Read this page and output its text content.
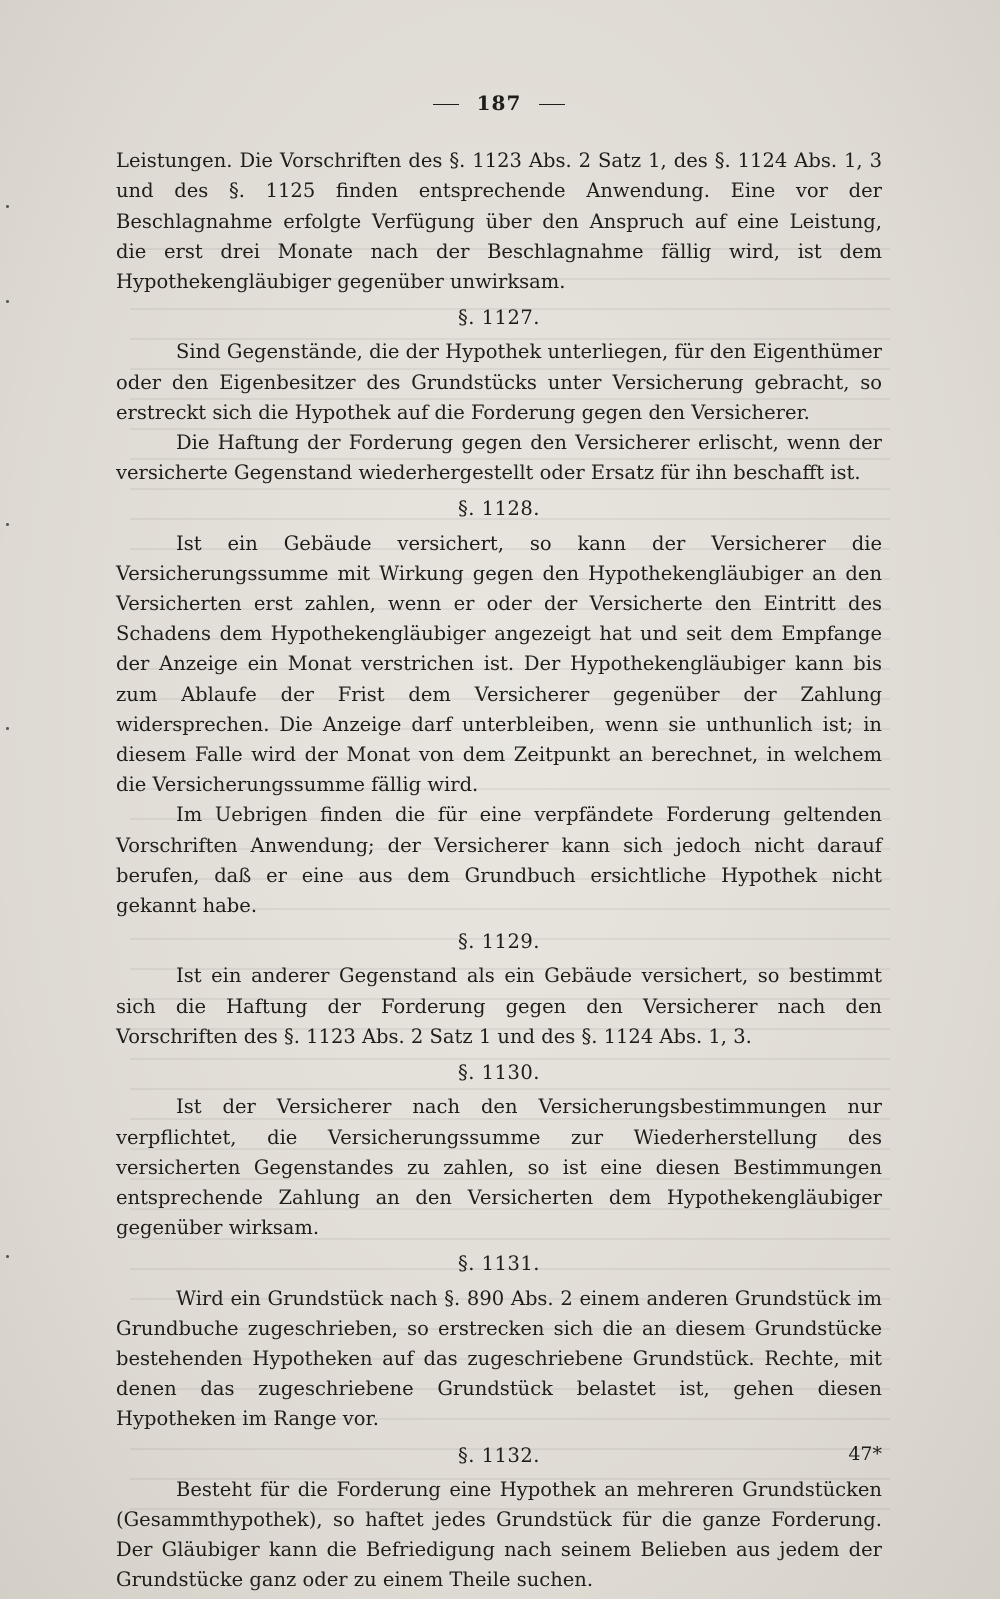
187

Leistungen. Die Vorschriften des §. 1123 Abs. 2 Satz 1, des §. 1124 Abs. 1, 3 und des §. 1125 finden entsprechende Anwendung. Eine vor der Beschlagnahme erfolgte Verfügung über den Anspruch auf eine Leistung, die erst drei Monate nach der Beschlagnahme fällig wird, ist dem Hypothekengläubiger gegenüber unwirksam.

§. 1127.

Sind Gegenstände, die der Hypothek unterliegen, für den Eigenthümer oder den Eigenbesitzer des Grundstücks unter Versicherung gebracht, so erstreckt sich die Hypothek auf die Forderung gegen den Versicherer.

Die Haftung der Forderung gegen den Versicherer erlischt, wenn der versicherte Gegenstand wiederhergestellt oder Ersatz für ihn beschafft ist.

§. 1128.

Ist ein Gebäude versichert, so kann der Versicherer die Versicherungssumme mit Wirkung gegen den Hypothekengläubiger an den Versicherten erst zahlen, wenn er oder der Versicherte den Eintritt des Schadens dem Hypothekengläubiger angezeigt hat und seit dem Empfange der Anzeige ein Monat verstrichen ist. Der Hypothekengläubiger kann bis zum Ablaufe der Frist dem Versicherer gegenüber der Zahlung widersprechen. Die Anzeige darf unterbleiben, wenn sie unthunlich ist; in diesem Falle wird der Monat von dem Zeitpunkt an berechnet, in welchem die Versicherungssumme fällig wird.

Im Uebrigen finden die für eine verpfändete Forderung geltenden Vorschriften Anwendung; der Versicherer kann sich jedoch nicht darauf berufen, daß er eine aus dem Grundbuch ersichtliche Hypothek nicht gekannt habe.

§. 1129.

Ist ein anderer Gegenstand als ein Gebäude versichert, so bestimmt sich die Haftung der Forderung gegen den Versicherer nach den Vorschriften des §. 1123 Abs. 2 Satz 1 und des §. 1124 Abs. 1, 3.

§. 1130.

Ist der Versicherer nach den Versicherungsbestimmungen nur verpflichtet, die Versicherungssumme zur Wiederherstellung des versicherten Gegenstandes zu zahlen, so ist eine diesen Bestimmungen entsprechende Zahlung an den Versicherten dem Hypothekengläubiger gegenüber wirksam.

§. 1131.

Wird ein Grundstück nach §. 890 Abs. 2 einem anderen Grundstück im Grundbuche zugeschrieben, so erstrecken sich die an diesem Grundstücke bestehenden Hypotheken auf das zugeschriebene Grundstück. Rechte, mit denen das zugeschriebene Grundstück belastet ist, gehen diesen Hypotheken im Range vor.

§. 1132.

Besteht für die Forderung eine Hypothek an mehreren Grundstücken (Gesammthypothek), so haftet jedes Grundstück für die ganze Forderung. Der Gläubiger kann die Befriedigung nach seinem Belieben aus jedem der Grundstücke ganz oder zu einem Theile suchen.

47*
